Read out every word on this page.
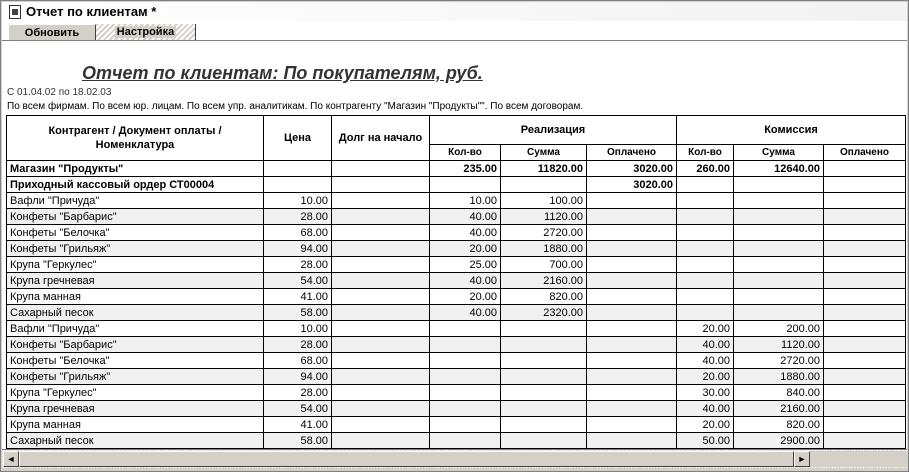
Отчет по клиентам *
Обновить	Настройка
Отчет по клиентам: По покупателям, руб.
С 01.04.02 по 18.02.03
По всем фирмам. По всем юр. лицам. По всем упр. аналитикам. По контрагенту "Магазин "Продукты"". По всем договорам.
Контрагент / Документ оплаты / Номенклатура	Цена	Долг на начало	Реализация			Комиссия		
			Кол-во	Сумма	Оплачено	Кол-во	Сумма	Оплачено
Магазин "Продукты"			235.00	11820.00	3020.00	260.00	12640.00	
Приходный кассовый ордер СТ00004					3020.00			
Вафли "Причуда"	10.00		10.00	100.00				
Конфеты "Барбарис"	28.00		40.00	1120.00				
Конфеты "Белочка"	68.00		40.00	2720.00				
Конфеты "Грильяж"	94.00		20.00	1880.00				
Крупа "Геркулес"	28.00		25.00	700.00				
Крупа гречневая	54.00		40.00	2160.00				
Крупа манная	41.00		20.00	820.00				
Сахарный песок	58.00		40.00	2320.00				
Вафли "Причуда"	10.00					20.00	200.00	
Конфеты "Барбарис"	28.00					40.00	1120.00	
Конфеты "Белочка"	68.00					40.00	2720.00	
Конфеты "Грильяж"	94.00					20.00	1880.00	
Крупа "Геркулес"	28.00					30.00	840.00	
Крупа гречневая	54.00					40.00	2160.00	
Крупа манная	41.00					20.00	820.00	
Сахарный песок	58.00					50.00	2900.00	
◄	►
